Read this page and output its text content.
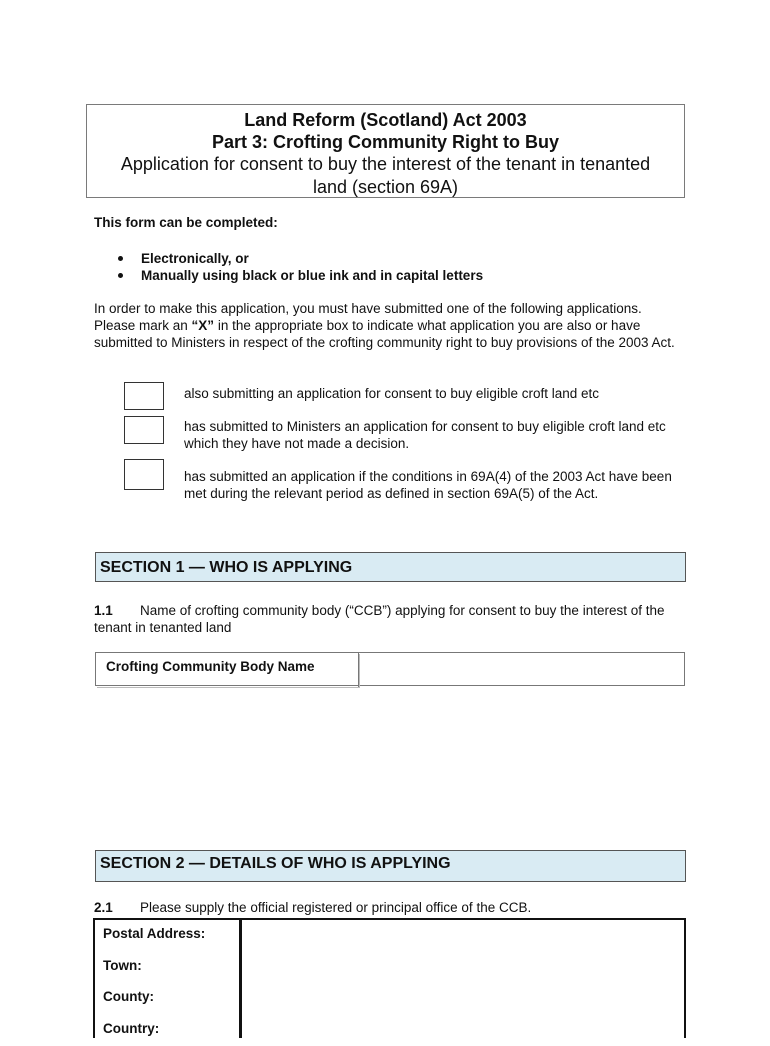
Land Reform (Scotland) Act 2003
Part 3: Crofting Community Right to Buy
Application for consent to buy the interest of the tenant in tenanted land (section 69A)
This form can be completed:
Electronically, or
Manually using black or blue ink and in capital letters
In order to make this application, you must have submitted one of the following applications. Please mark an “X” in the appropriate box to indicate what application you are also or have submitted to Ministers in respect of the crofting community right to buy provisions of the 2003 Act.
also submitting an application for consent to buy eligible croft land etc
has submitted to Ministers an application for consent to buy eligible croft land etc which they have not made a decision.
has submitted an application if the conditions in 69A(4) of the 2003 Act have been met during the relevant period as defined in section 69A(5) of the Act.
SECTION 1 — WHO IS APPLYING
1.1 Name of crofting community body (“CCB”) applying for consent to buy the interest of the tenant in tenanted land
Crofting Community Body Name
SECTION 2 — DETAILS OF WHO IS APPLYING
2.1 Please supply the official registered or principal office of the CCB.
Postal Address:
Town:
County:
Country:
